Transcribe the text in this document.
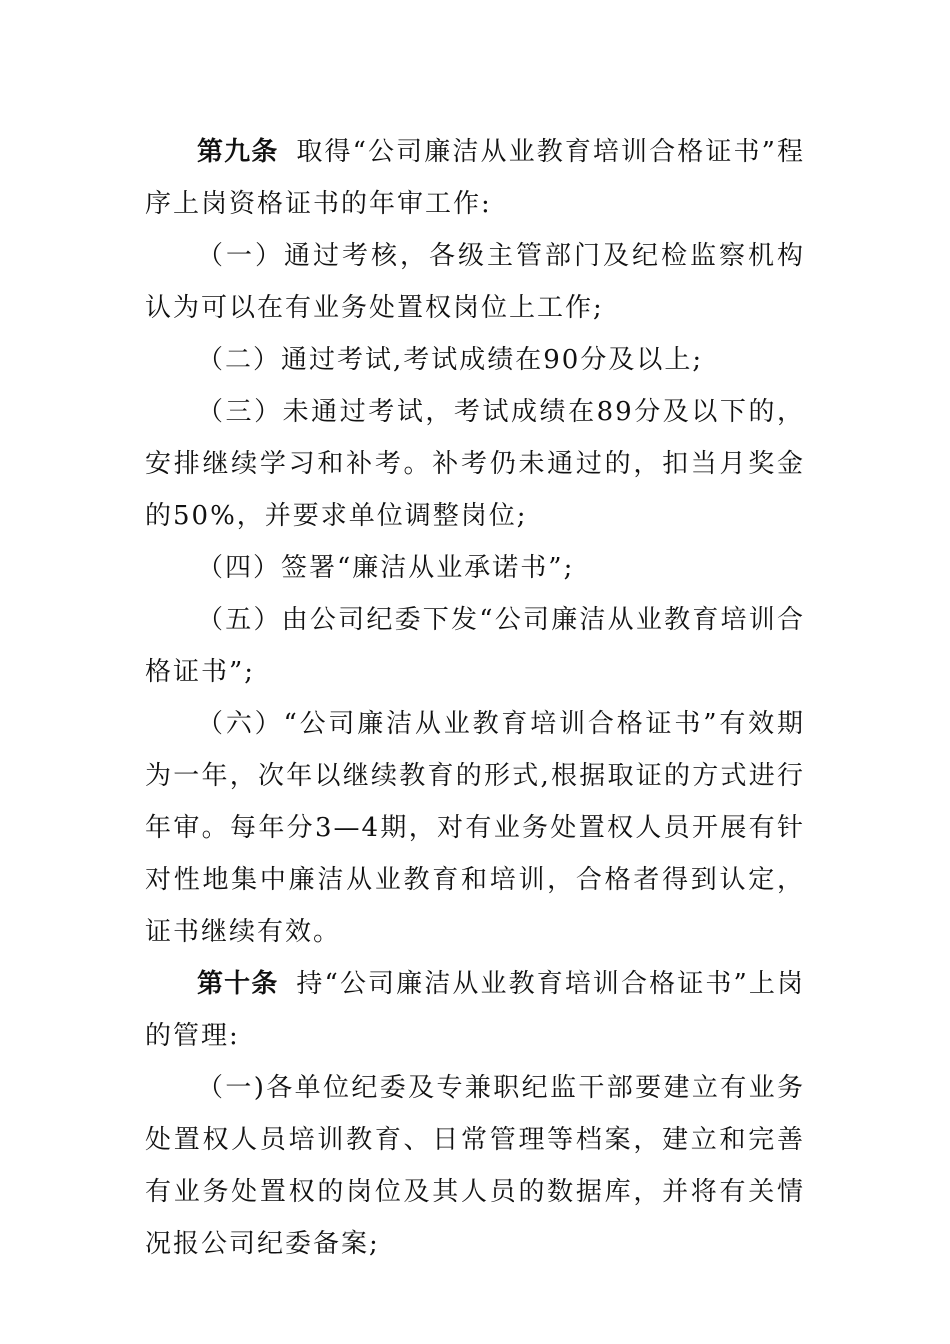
第九条 取得“公司廉洁从业教育培训合格证书”程序上岗资格证书的年审工作:

（一）通过考核，各级主管部门及纪检监察机构认为可以在有业务处置权岗位上工作;

（二）通过考试,考试成绩在90分及以上;

（三）未通过考试，考试成绩在89分及以下的，安排继续学习和补考。补考仍未通过的，扣当月奖金的50%，并要求单位调整岗位;

（四）签署“廉洁从业承诺书”;

（五）由公司纪委下发“公司廉洁从业教育培训合格证书”;

（六）“公司廉洁从业教育培训合格证书”有效期为一年，次年以继续教育的形式,根据取证的方式进行年审。每年分3—4期，对有业务处置权人员开展有针对性地集中廉洁从业教育和培训，合格者得到认定，证书继续有效。

第十条 持“公司廉洁从业教育培训合格证书”上岗的管理:

（一)各单位纪委及专兼职纪监干部要建立有业务处置权人员培训教育、日常管理等档案，建立和完善有业务处置权的岗位及其人员的数据库，并将有关情况报公司纪委备案;
